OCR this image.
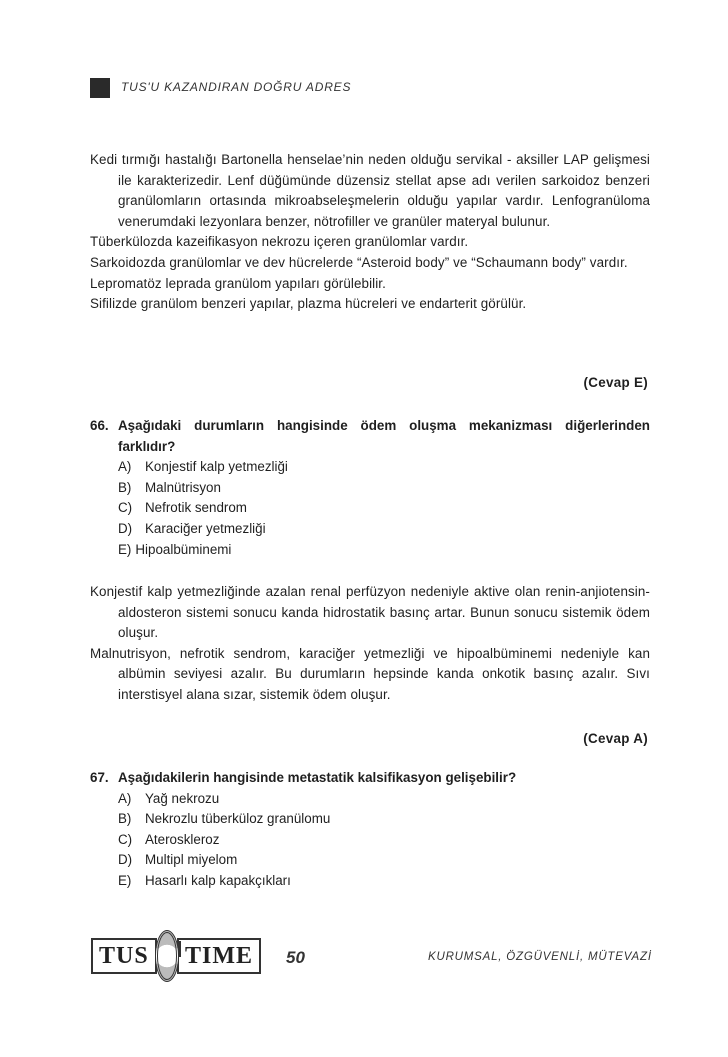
TUS'U KAZANDIRAN DOĞRU ADRES

Kedi tırmığı hastalığı Bartonella henselae’nin neden olduğu servikal - aksiller LAP gelişmesi ile karakterizedir. Lenf düğümünde düzensiz stellat apse adı verilen sarkoidoz benzeri granülomların ortasında mikroabseleşmelerin olduğu yapılar vardır. Lenfogranüloma venerumdaki lezyonlara benzer, nötrofiller ve granüler materyal bulunur.

Tüberkülozda kazeifikasyon nekrozu içeren granülomlar vardır.

Sarkoidozda granülomlar ve dev hücrelerde “Asteroid body” ve “Schaumann body” vardır.

Lepromatöz leprada granülom yapıları görülebilir.

Sifilizde granülom benzeri yapılar, plazma hücreleri ve endarterit görülür.

(Cevap E)

66. Aşağıdaki durumların hangisinde ödem oluşma mekanizması diğerlerinden farklıdır?

A) Konjestif kalp yetmezliği

B) Malnütrisyon

C) Nefrotik sendrom

D) Karaciğer yetmezliği

E) Hipoalbüminemi

Konjestif kalp yetmezliğinde azalan renal perfüzyon nedeniyle aktive olan renin-anjiotensin-aldosteron sistemi sonucu kanda hidrostatik basınç artar. Bunun sonucu sistemik ödem oluşur.

Malnutrisyon, nefrotik sendrom, karaciğer yetmezliği ve hipoalbüminemi nedeniyle kan albümin seviyesi azalır. Bu durumların hepsinde kanda onkotik basınç azalır. Sıvı interstisyel alana sızar, sistemik ödem oluşur.

(Cevap A)

67. Aşağıdakilerin hangisinde metastatik kalsifikasyon gelişebilir?

A) Yağ nekrozu

B) Nekrozlu tüberküloz granülomu

C) Ateroskleroz

D) Multipl miyelom

E) Hasarlı kalp kapakçıkları

TUS	TIME	50	KURUMSAL, ÖZGÜVENLİ, MÜTEVAZİ
